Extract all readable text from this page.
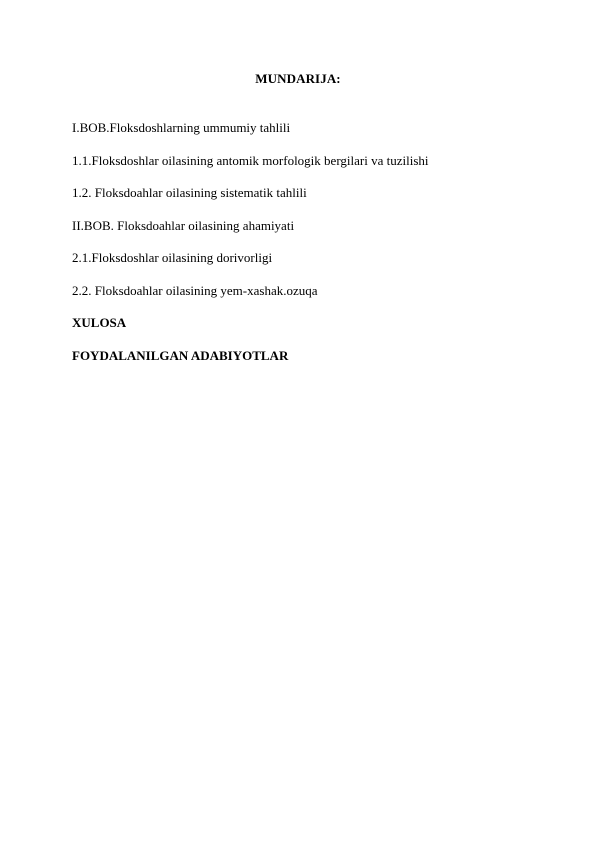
MUNDARIJA:
I.BOB.Floksdoshlarning ummumiy tahlili
1.1.Floksdoshlar oilasining antomik morfologik bergilari va tuzilishi
1.2. Floksdoahlar oilasining sistematik tahlili
II.BOB. Floksdoahlar oilasining ahamiyati
2.1.Floksdoshlar oilasining dorivorligi
2.2. Floksdoahlar oilasining yem-xashak.ozuqa
XULOSA
FOYDALANILGAN ADABIYOTLAR
